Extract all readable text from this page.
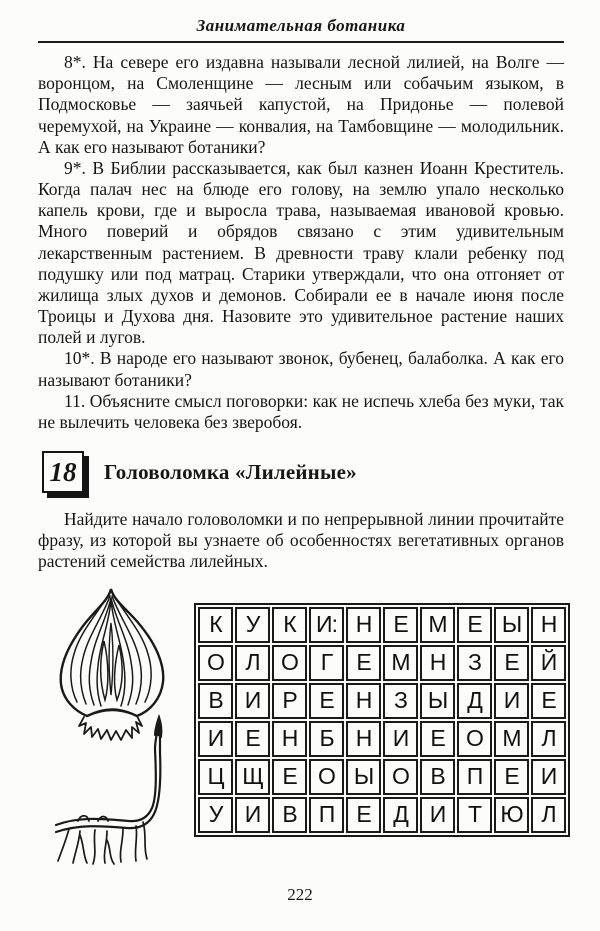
Занимательная ботаника

8*. На севере его издавна называли лесной лилией, на Волге — воронцом, на Смоленщине — лесным или собачьим языком, в Подмосковье — заячьей капустой, на Придонье — полевой черемухой, на Украине — конвалия, на Тамбовщине — молодильник. А как его называют ботаники?

9*. В Библии рассказывается, как был казнен Иоанн Креститель. Когда палач нес на блюде его голову, на землю упало несколько капель крови, где и выросла трава, называемая ивановой кровью. Много поверий и обрядов связано с этим удивительным лекарственным растением. В древности траву клали ребенку под подушку или под матрац. Старики утверждали, что она отгоняет от жилища злых духов и демонов. Собирали ее в начале июня после Троицы и Духова дня. Назовите это удивительное растение наших полей и лугов.

10*. В народе его называют звонок, бубенец, балаболка. А как его называют ботаники?

11. Объясните смысл поговорки: как не испечь хлеба без муки, так не вылечить человека без зверобоя.

18	Головоломка «Лилейные»

Найдите начало головоломки и по непрерывной линии прочитайте фразу, из которой вы узнаете об особенностях вегетативных органов растений семейства лилейных.

К	У	К И: Н Е М Е Ы Н
О Л О Г	Е М Н З	Е Й
В И Р Е Н З Ы Д И Е
И Е Н Б Н И Е О М Л
Ц Щ Е О Ы О В П Е И
У И В П Е Д И Т Ю Л
222
